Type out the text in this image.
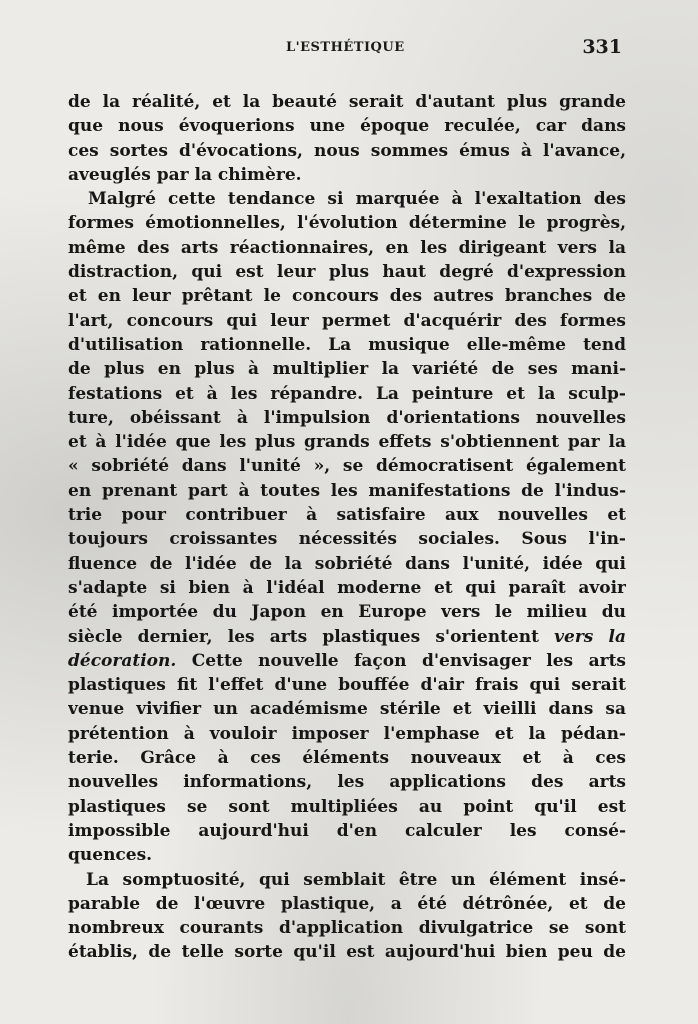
L'ESTHÉTIQUE	331
de la réalité, et la beauté serait d'autant plus grande
que nous évoquerions une époque reculée, car dans
ces sortes d'évocations, nous sommes émus à l'avance,
aveuglés par la chimère.
Malgré cette tendance si marquée à l'exaltation des
formes émotionnelles, l'évolution détermine le progrès,
même des arts réactionnaires, en les dirigeant vers la
distraction, qui est leur plus haut degré d'expression
et en leur prêtant le concours des autres branches de
l'art, concours qui leur permet d'acquérir des formes
d'utilisation rationnelle. La musique elle-même tend
de plus en plus à multiplier la variété de ses mani-
festations et à les répandre. La peinture et la sculp-
ture, obéissant à l'impulsion d'orientations nouvelles
et à l'idée que les plus grands effets s'obtiennent par la
« sobriété dans l'unité », se démocratisent également
en prenant part à toutes les manifestations de l'indus-
trie pour contribuer à satisfaire aux nouvelles et
toujours croissantes nécessités sociales. Sous l'in-
fluence de l'idée de la sobriété dans l'unité, idée qui
s'adapte si bien à l'idéal moderne et qui paraît avoir
été importée du Japon en Europe vers le milieu du
siècle dernier, les arts plastiques s'orientent vers la
décoration. Cette nouvelle façon d'envisager les arts
plastiques fit l'effet d'une bouffée d'air frais qui serait
venue vivifier un académisme stérile et vieilli dans sa
prétention à vouloir imposer l'emphase et la pédan-
terie. Grâce à ces éléments nouveaux et à ces
nouvelles informations, les applications des arts
plastiques se sont multipliées au point qu'il est
impossible aujourd'hui d'en calculer les consé-
quences.
La somptuosité, qui semblait être un élément insé-
parable de l'œuvre plastique, a été détrônée, et de
nombreux courants d'application divulgatrice se sont
établis, de telle sorte qu'il est aujourd'hui bien peu de
